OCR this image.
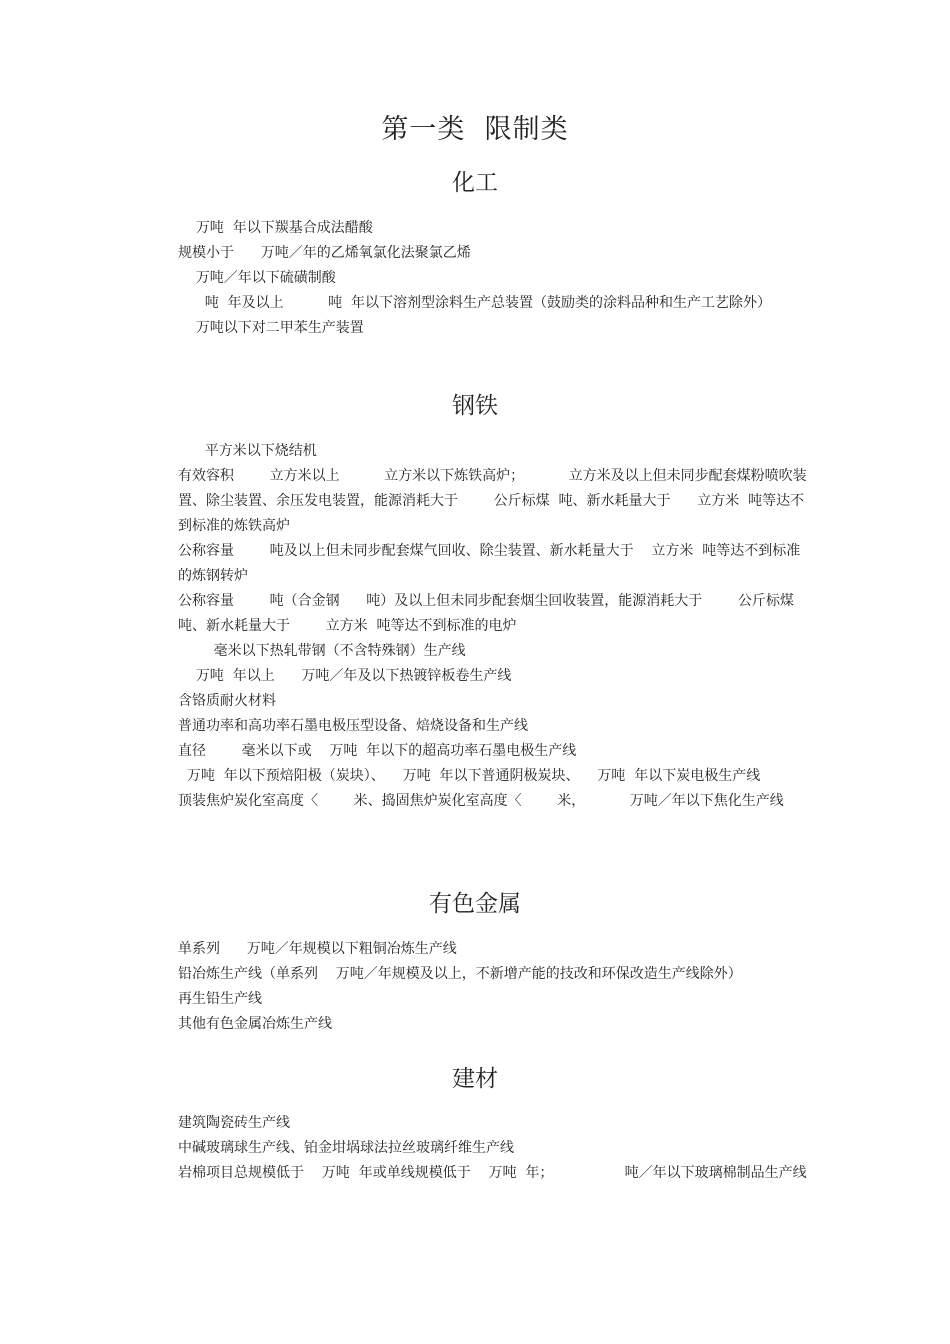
第一类  限制类
化工
万吨  年以下羰基合成法醋酸
规模小于      万吨／年的乙烯氧氯化法聚氯乙烯
万吨／年以下硫磺制酸
吨  年及以上          吨  年以下溶剂型涂料生产总装置（鼓励类的涂料品种和生产工艺除外）
万吨以下对二甲苯生产装置
钢铁
平方米以下烧结机
有效容积        立方米以上          立方米以下炼铁高炉；          立方米及以上但未同步配套煤粉喷吹装置、除尘装置、余压发电装置，能源消耗大于        公斤标煤  吨、新水耗量大于      立方米  吨等达不到标准的炼铁高炉
公称容量        吨及以上但未同步配套煤气回收、除尘装置、新水耗量大于    立方米  吨等达不到标准的炼钢转炉
公称容量        吨（合金钢      吨）及以上但未同步配套烟尘回收装置，能源消耗大于        公斤标煤  吨、新水耗量大于        立方米  吨等达不到标准的电炉
毫米以下热轧带钢（不含特殊钢）生产线
万吨  年以上      万吨／年及以下热镀锌板卷生产线
含铬质耐火材料
普通功率和高功率石墨电极压型设备、焙烧设备和生产线
直径        毫米以下或    万吨  年以下的超高功率石墨电极生产线
万吨  年以下预焙阳极（炭块）、    万吨  年以下普通阴极炭块、    万吨  年以下炭电极生产线
顶装焦炉炭化室高度〈        米、捣固焦炉炭化室高度〈        米，          万吨／年以下焦化生产线
有色金属
单系列      万吨／年规模以下粗铜冶炼生产线
铅冶炼生产线（单系列    万吨／年规模及以上，不新增产能的技改和环保改造生产线除外）
再生铅生产线
其他有色金属冶炼生产线
建材
建筑陶瓷砖生产线
中碱玻璃球生产线、铂金坩埚球法拉丝玻璃纤维生产线
岩棉项目总规模低于    万吨  年或单线规模低于    万吨  年；                吨／年以下玻璃棉制品生产线
